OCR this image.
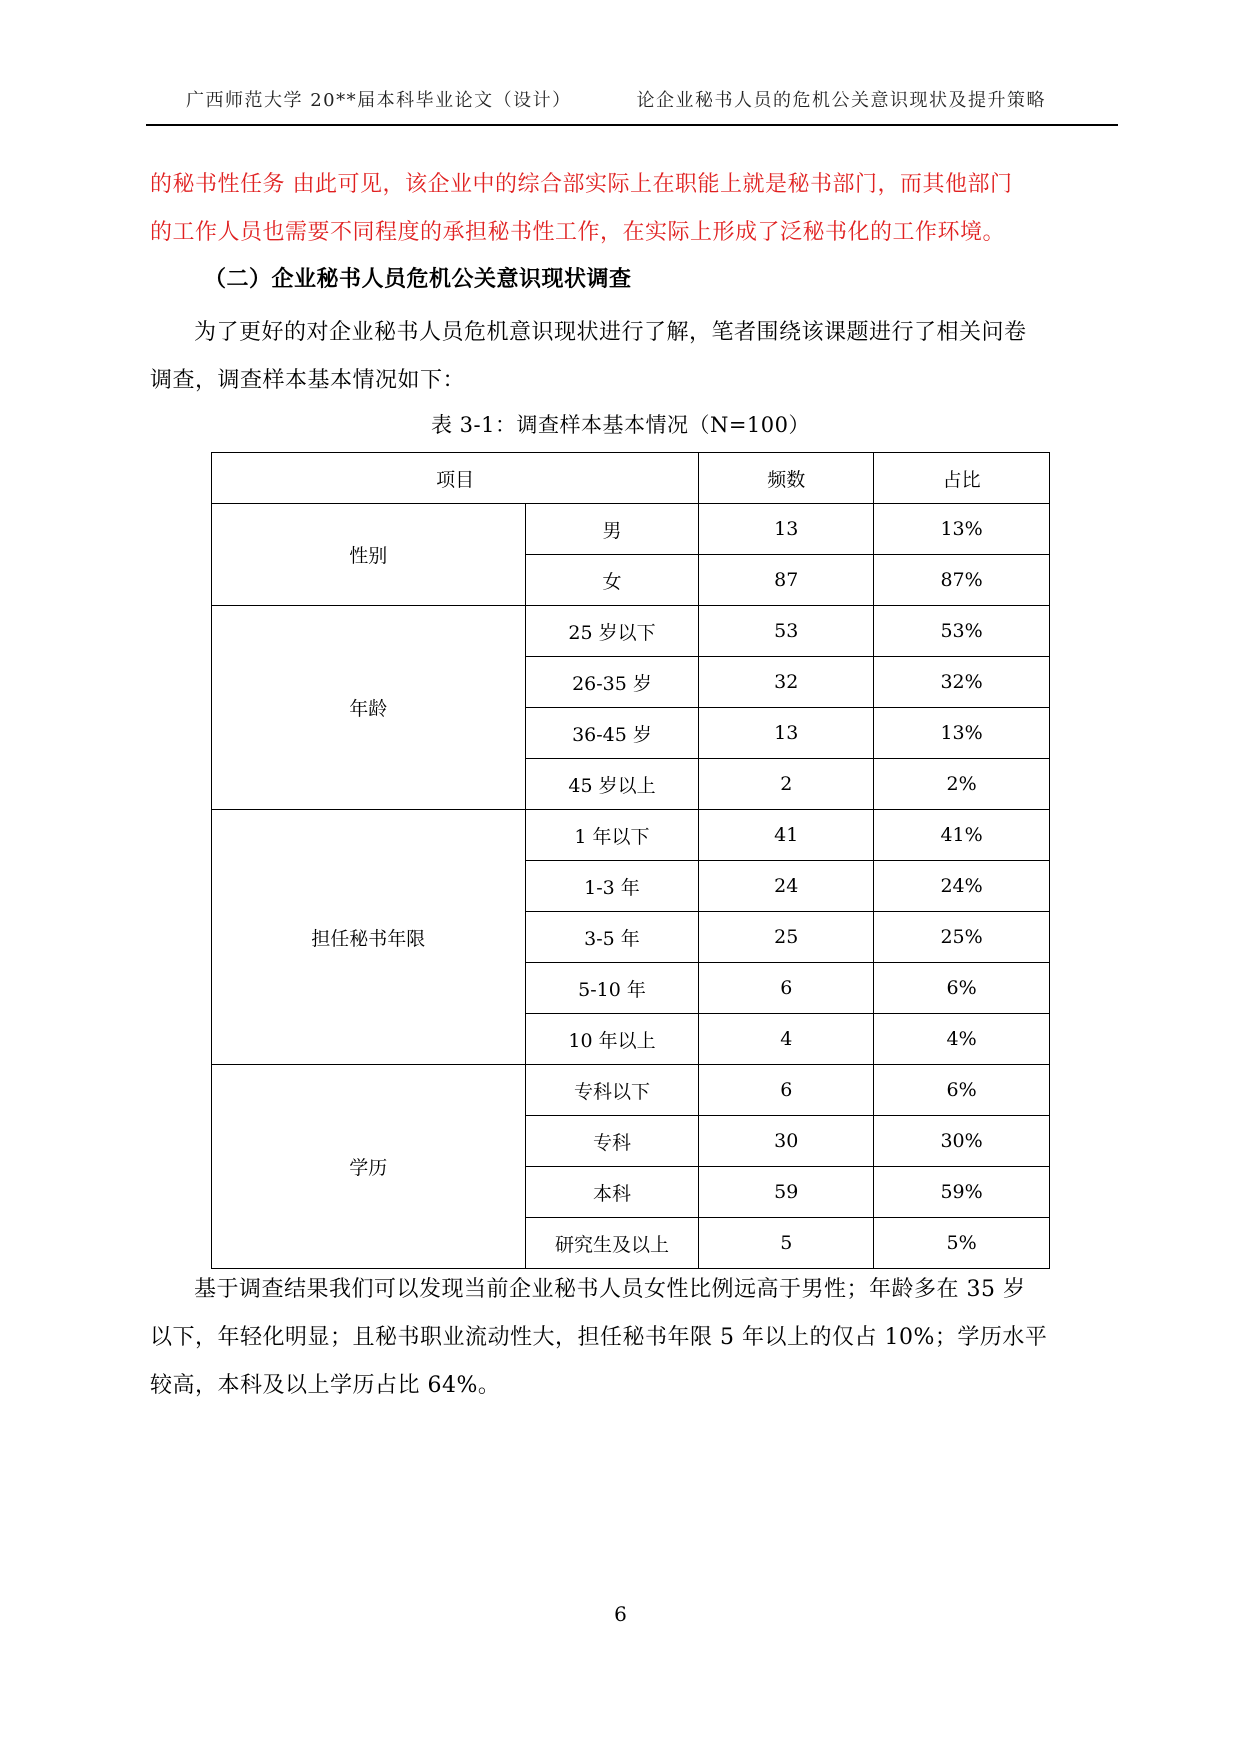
广西师范大学 20**届本科毕业论文（设计）	论企业秘书人员的危机公关意识现状及提升策略
的秘书性任务 由此可见，该企业中的综合部实际上在职能上就是秘书部门，而其他部门
的工作人员也需要不同程度的承担秘书性工作，在实际上形成了泛秘书化的工作环境。
（二）企业秘书人员危机公关意识现状调查
为了更好的对企业秘书人员危机意识现状进行了解，笔者围绕该课题进行了相关问卷
调查，调查样本基本情况如下：
表 3-1：调查样本基本情况（N=100）
项目		频数	占比
性别	男	13	13%
	女	87	87%
年龄	25 岁以下	53	53%
	26-35 岁	32	32%
	36-45 岁	13	13%
	45 岁以上	2	2%
担任秘书年限	1 年以下	41	41%
	1-3 年	24	24%
	3-5 年	25	25%
	5-10 年	6	6%
	10 年以上	4	4%
学历	专科以下	6	6%
	专科	30	30%
	本科	59	59%
	研究生及以上	5	5%
基于调查结果我们可以发现当前企业秘书人员女性比例远高于男性；年龄多在 35 岁
以下，年轻化明显；且秘书职业流动性大，担任秘书年限 5 年以上的仅占 10%；学历水平
较高，本科及以上学历占比 64%。
6
